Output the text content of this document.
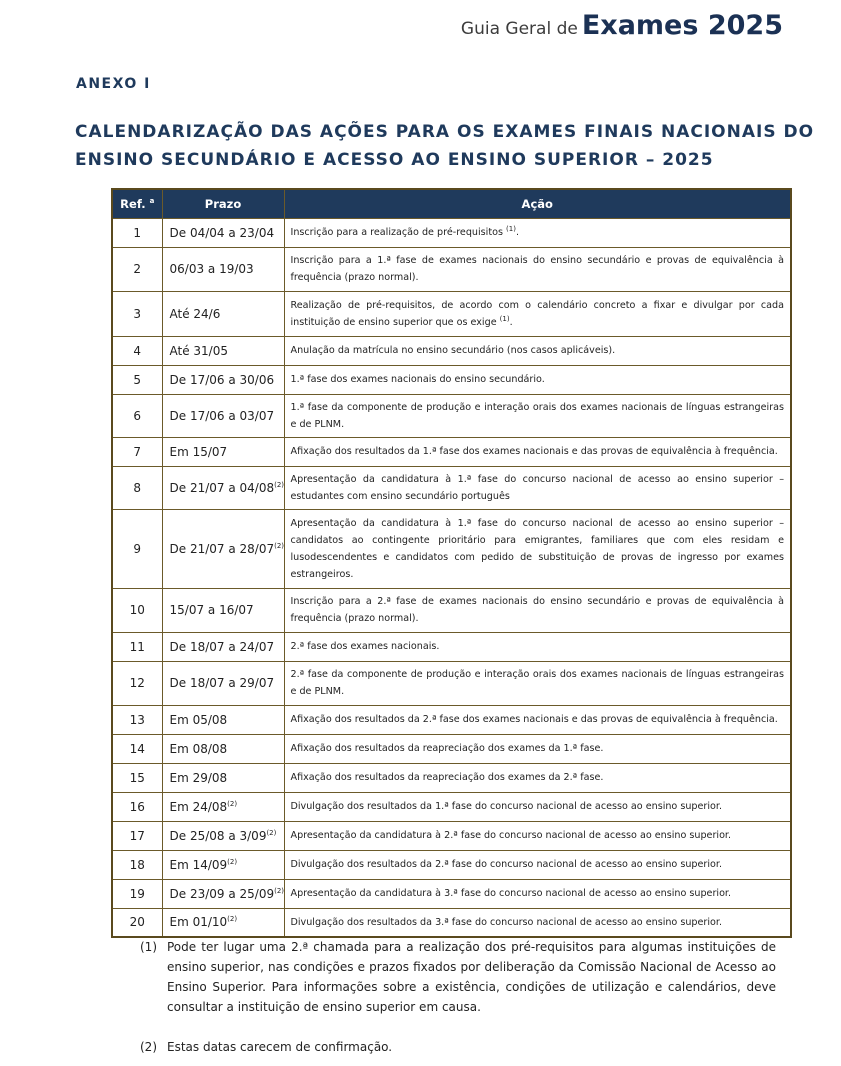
Guia Geral de Exames 2025
ANEXO I
CALENDARIZAÇÃO DAS AÇÕES PARA OS EXAMES FINAIS NACIONAIS DO ENSINO SECUNDÁRIO E ACESSO AO ENSINO SUPERIOR – 2025
Ref. $^a$	Prazo	Ação
1	De 04/04 a 23/04	Inscrição para a realização de pré-requisitos $^{(1)}$.
2	06/03 a 19/03	Inscrição para a 1.ª fase de exames nacionais do ensino secundário e provas de equivalência à frequência (prazo normal).
3	Até 24/6	Realização de pré-requisitos, de acordo com o calendário concreto a fixar e divulgar por cada instituição de ensino superior que os exige $^{(1)}$.
4	Até 31/05	Anulação da matrícula no ensino secundário (nos casos aplicáveis).
5	De 17/06 a 30/06	1.ª fase dos exames nacionais do ensino secundário.
6	De 17/06 a 03/07	1.ª fase da componente de produção e interação orais dos exames nacionais de línguas estrangeiras e de PLNM.
7	Em 15/07	Afixação dos resultados da 1.ª fase dos exames nacionais e das provas de equivalência à frequência.
8	De 21/07 a 04/08$^{(2)}$	Apresentação da candidatura à 1.ª fase do concurso nacional de acesso ao ensino superior – estudantes com ensino secundário português
9	De 21/07 a 28/07$^{(2)}$	Apresentação da candidatura à 1.ª fase do concurso nacional de acesso ao ensino superior – candidatos ao contingente prioritário para emigrantes, familiares que com eles residam e lusodescendentes e candidatos com pedido de substituição de provas de ingresso por exames estrangeiros.
10	15/07 a 16/07	Inscrição para a 2.ª fase de exames nacionais do ensino secundário e provas de equivalência à frequência (prazo normal).
11	De 18/07 a 24/07	2.ª fase dos exames nacionais.
12	De 18/07 a 29/07	2.ª fase da componente de produção e interação orais dos exames nacionais de línguas estrangeiras e de PLNM.
13	Em 05/08	Afixação dos resultados da 2.ª fase dos exames nacionais e das provas de equivalência à frequência.
14	Em 08/08	Afixação dos resultados da reapreciação dos exames da 1.ª fase.
15	Em 29/08	Afixação dos resultados da reapreciação dos exames da 2.ª fase.
16	Em 24/08$^{(2)}$	Divulgação dos resultados da 1.ª fase do concurso nacional de acesso ao ensino superior.
17	De 25/08 a 3/09$^{(2)}$	Apresentação da candidatura à 2.ª fase do concurso nacional de acesso ao ensino superior.
18	Em 14/09$^{(2)}$	Divulgação dos resultados da 2.ª fase do concurso nacional de acesso ao ensino superior.
19	De 23/09 a 25/09$^{(2)}$	Apresentação da candidatura à 3.ª fase do concurso nacional de acesso ao ensino superior.
20	Em 01/10$^{(2)}$	Divulgação dos resultados da 3.ª fase do concurso nacional de acesso ao ensino superior.
(1) Pode ter lugar uma 2.ª chamada para a realização dos pré-requisitos para algumas instituições de ensino superior, nas condições e prazos fixados por deliberação da Comissão Nacional de Acesso ao Ensino Superior. Para informações sobre a existência, condições de utilização e calendários, deve consultar a instituição de ensino superior em causa.
(2) Estas datas carecem de confirmação.
